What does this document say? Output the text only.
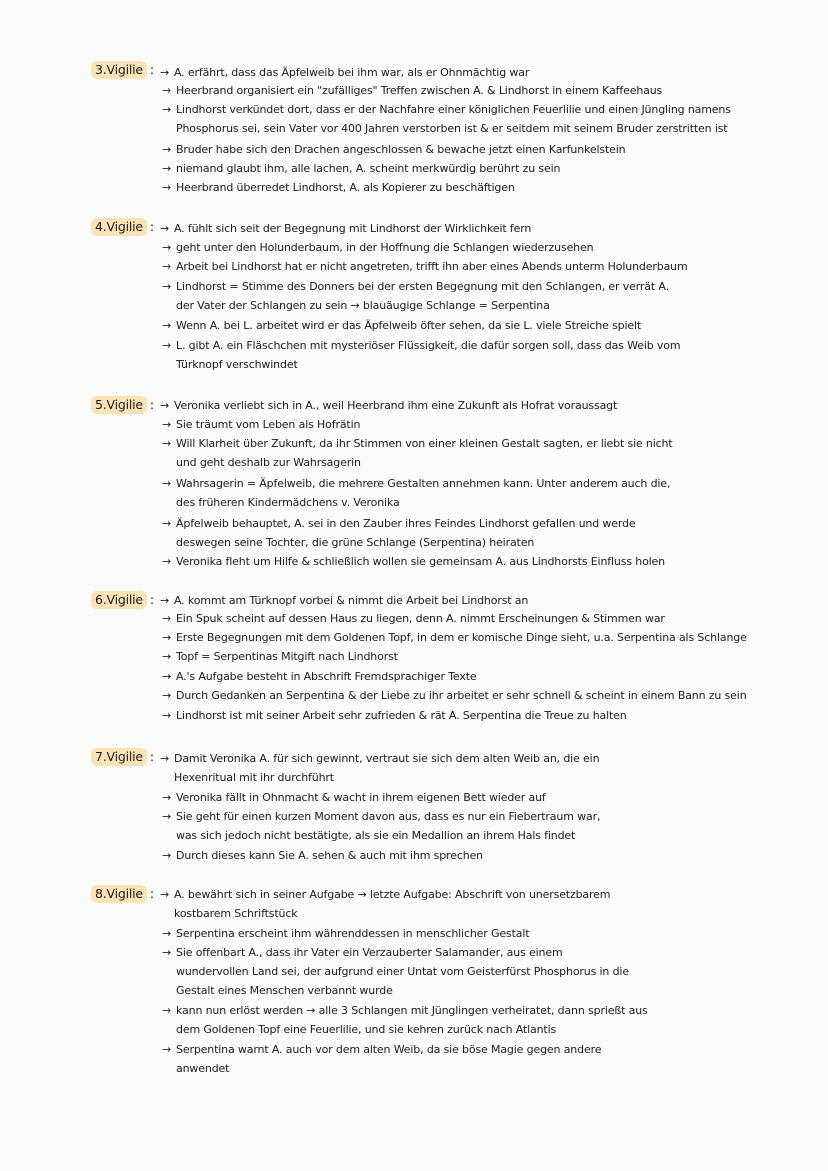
3.Vigilie : → A. erfährt, dass das Äpfelweib bei ihm war, als er Ohnmächtig war
→ Heerbrand organisiert ein "zufälliges" Treffen zwischen A. & Lindhorst in einem Kaffeehaus
→ Lindhorst verkündet dort, dass er der Nachfahre einer königlichen Feuerlilie und einen Jüngling namens
Phosphorus sei, sein Vater vor 400 Jahren verstorben ist & er seitdem mit seinem Bruder zerstritten ist
→ Bruder habe sich den Drachen angeschlossen & bewache jetzt einen Karfunkelstein
→ niemand glaubt ihm, alle lachen, A. scheint merkwürdig berührt zu sein
→ Heerbrand überredet Lindhorst, A. als Kopierer zu beschäftigen
4.Vigilie : → A. fühlt sich seit der Begegnung mit Lindhorst der Wirklichkeit fern
→ geht unter den Holunderbaum, in der Hoffnung die Schlangen wiederzusehen
→ Arbeit bei Lindhorst hat er nicht angetreten, trifft ihn aber eines Abends unterm Holunderbaum
→ Lindhorst = Stimme des Donners bei der ersten Begegnung mit den Schlangen, er verrät A.
der Vater der Schlangen zu sein → blauäugige Schlange = Serpentina
→ Wenn A. bei L. arbeitet wird er das Äpfelweib öfter sehen, da sie L. viele Streiche spielt
→ L. gibt A. ein Fläschchen mit mysteriöser Flüssigkeit, die dafür sorgen soll, dass das Weib vom
Türknopf verschwindet
5.Vigilie : → Veronika verliebt sich in A., weil Heerbrand ihm eine Zukunft als Hofrat voraussagt
→ Sie träumt vom Leben als Hofrätin
→ Will Klarheit über Zukunft, da ihr Stimmen von einer kleinen Gestalt sagten, er liebt sie nicht
und geht deshalb zur Wahrsagerin
→ Wahrsagerin = Äpfelweib, die mehrere Gestalten annehmen kann. Unter anderem auch die,
des früheren Kindermädchens v. Veronika
→ Äpfelweib behauptet, A. sei in den Zauber ihres Feindes Lindhorst gefallen und werde
deswegen seine Tochter, die grüne Schlange (Serpentina) heiraten
→ Veronika fleht um Hilfe & schließlich wollen sie gemeinsam A. aus Lindhorsts Einfluss holen
6.Vigilie : → A. kommt am Türknopf vorbei & nimmt die Arbeit bei Lindhorst an
→ Ein Spuk scheint auf dessen Haus zu liegen, denn A. nimmt Erscheinungen & Stimmen war
→ Erste Begegnungen mit dem Goldenen Topf, in dem er komische Dinge sieht, u.a. Serpentina als Schlange
→ Topf = Serpentinas Mitgift nach Lindhorst
→ A.'s Aufgabe besteht in Abschrift Fremdsprachiger Texte
→ Durch Gedanken an Serpentina & der Liebe zu ihr arbeitet er sehr schnell & scheint in einem Bann zu sein
→ Lindhorst ist mit seiner Arbeit sehr zufrieden & rät A. Serpentina die Treue zu halten
7.Vigilie : → Damit Veronika A. für sich gewinnt, vertraut sie sich dem alten Weib an, die ein
Hexenritual mit ihr durchführt
→ Veronika fällt in Ohnmacht & wacht in ihrem eigenen Bett wieder auf
→ Sie geht für einen kurzen Moment davon aus, dass es nur ein Fiebertraum war,
was sich jedoch nicht bestätigte, als sie ein Medallion an ihrem Hals findet
→ Durch dieses kann Sie A. sehen & auch mit ihm sprechen
8.Vigilie : → A. bewährt sich in seiner Aufgabe → letzte Aufgabe: Abschrift von unersetzbarem
kostbarem Schriftstück
→ Serpentina erscheint ihm währenddessen in menschlicher Gestalt
→ Sie offenbart A., dass ihr Vater ein Verzauberter Salamander, aus einem
wundervollen Land sei, der aufgrund einer Untat vom Geisterfürst Phosphorus in die
Gestalt eines Menschen verbannt wurde
→ kann nun erlöst werden → alle 3 Schlangen mit Jünglingen verheiratet, dann sprießt aus
dem Goldenen Topf eine Feuerlilie, und sie kehren zurück nach Atlantis
→ Serpentina warnt A. auch vor dem alten Weib, da sie böse Magie gegen andere
anwendet
